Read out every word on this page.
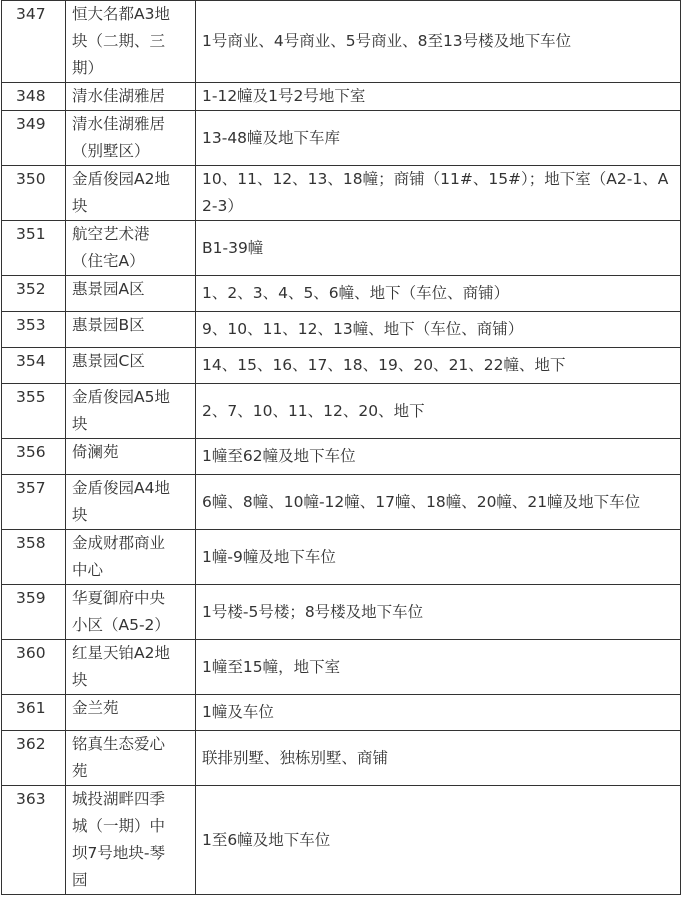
347	恒大名都A3地
块（二期、三
期）	1号商业、4号商业、5号商业、8至13号楼及地下车位
348	清水佳湖雅居	1-12幢及1号2号地下室
349	清水佳湖雅居
（别墅区）	13-48幢及地下车库
350	金盾俊园A2地
块	10、11、12、13、18幢；商铺（11#、15#）；地下室（A2-1、A2-3）
351	航空艺术港
（住宅A）	B1-39幢
352	惠景园A区	1、2、3、4、5、6幢、地下（车位、商铺）
353	惠景园B区	9、10、11、12、13幢、地下（车位、商铺）
354	惠景园C区	14、15、16、17、18、19、20、21、22幢、地下
355	金盾俊园A5地
块	2、7、10、11、12、20、地下
356	倚澜苑	1幢至62幢及地下车位
357	金盾俊园A4地
块	6幢、8幢、10幢-12幢、17幢、18幢、20幢、21幢及地下车位
358	金成财郡商业
中心	1幢-9幢及地下车位
359	华夏御府中央
小区（A5-2）	1号楼-5号楼；8号楼及地下车位
360	红星天铂A2地
块	1幢至15幢，地下室
361	金兰苑	1幢及车位
362	铭真生态爱心
苑	联排别墅、独栋别墅、商铺
363	城投湖畔四季
城（一期）中
坝7号地块-琴
园	1至6幢及地下车位
